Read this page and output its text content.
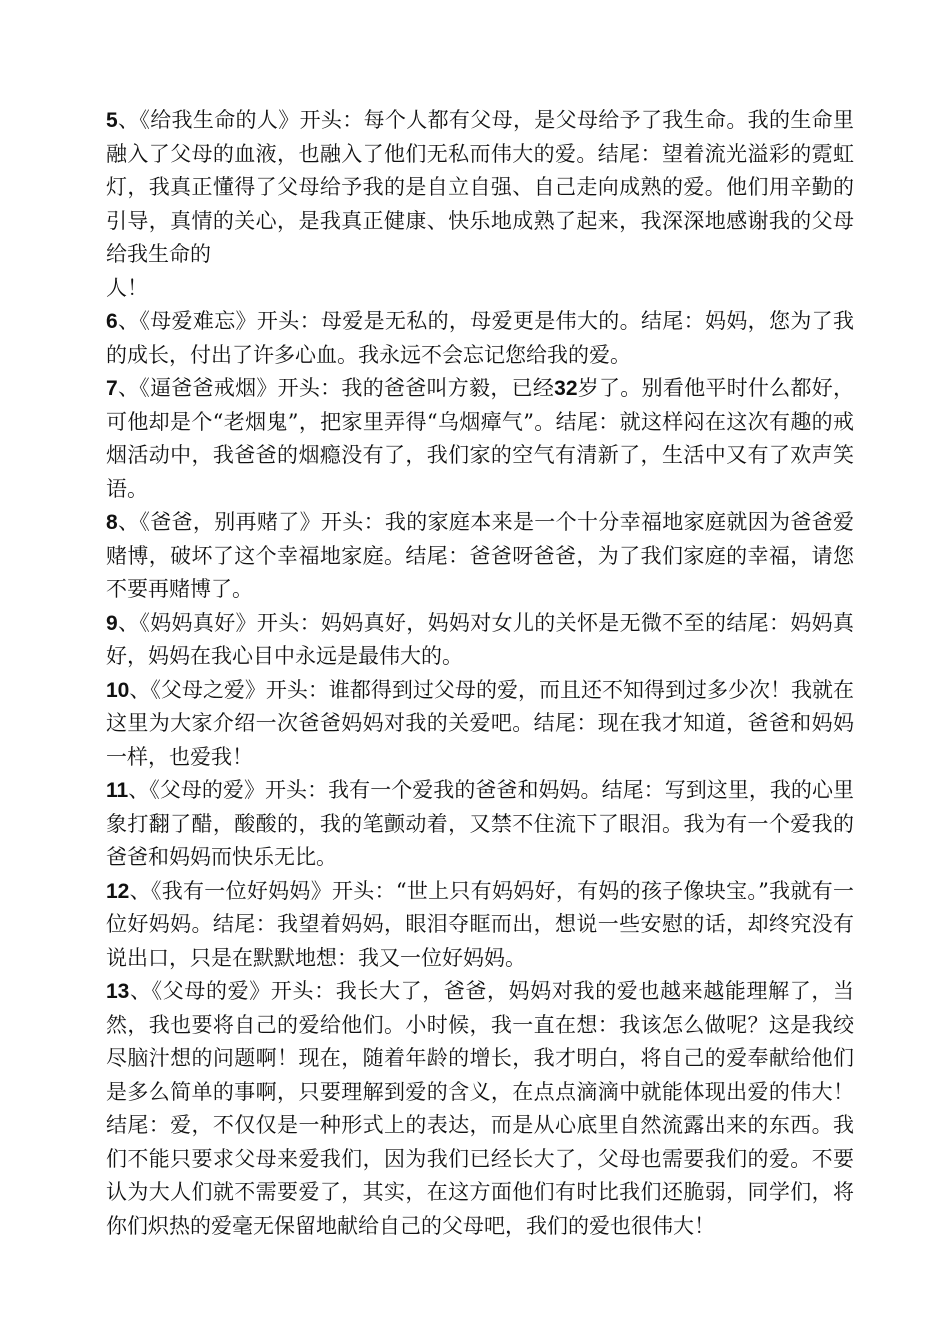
5、《给我生命的人》开头：每个人都有父母，是父母给予了我生命。我的生命里融入了父母的血液，也融入了他们无私而伟大的爱。结尾：望着流光溢彩的霓虹灯，我真正懂得了父母给予我的是自立自强、自己走向成熟的爱。他们用辛勤的引导，真情的关心，是我真正健康、快乐地成熟了起来，我深深地感谢我的父母给我生命的
人！

6、《母爱难忘》开头：母爱是无私的，母爱更是伟大的。结尾：妈妈，您为了我的成长，付出了许多心血。我永远不会忘记您给我的爱。

7、《逼爸爸戒烟》开头：我的爸爸叫方毅，已经32岁了。别看他平时什么都好，可他却是个“老烟鬼”，把家里弄得“乌烟瘴气”。结尾：就这样闷在这次有趣的戒烟活动中，我爸爸的烟瘾没有了，我们家的空气有清新了，生活中又有了欢声笑语。

8、《爸爸，别再赌了》开头：我的家庭本来是一个十分幸福地家庭就因为爸爸爱赌博，破坏了这个幸福地家庭。结尾：爸爸呀爸爸，为了我们家庭的幸福，请您不要再赌博了。

9、《妈妈真好》开头：妈妈真好，妈妈对女儿的关怀是无微不至的结尾：妈妈真好，妈妈在我心目中永远是最伟大的。

10、《父母之爱》开头：谁都得到过父母的爱，而且还不知得到过多少次！我就在这里为大家介绍一次爸爸妈妈对我的关爱吧。结尾：现在我才知道，爸爸和妈妈一样，也爱我！

11、《父母的爱》开头：我有一个爱我的爸爸和妈妈。结尾：写到这里，我的心里象打翻了醋，酸酸的，我的笔颤动着，又禁不住流下了眼泪。我为有一个爱我的爸爸和妈妈而快乐无比。

12、《我有一位好妈妈》开头：“世上只有妈妈好，有妈的孩子像块宝。”我就有一位好妈妈。结尾：我望着妈妈，眼泪夺眶而出，想说一些安慰的话，却终究没有说出口，只是在默默地想：我又一位好妈妈。

13、《父母的爱》开头：我长大了，爸爸，妈妈对我的爱也越来越能理解了，当然，我也要将自己的爱给他们。小时候，我一直在想：我该怎么做呢？这是我绞尽脑汁想的问题啊！现在，随着年龄的增长，我才明白，将自己的爱奉献给他们是多么简单的事啊，只要理解到爱的含义，在点点滴滴中就能体现出爱的伟大！结尾：爱，不仅仅是一种形式上的表达，而是从心底里自然流露出来的东西。我们不能只要求父母来爱我们，因为我们已经长大了，父母也需要我们的爱。不要认为大人们就不需要爱了，其实，在这方面他们有时比我们还脆弱，同学们，将你们炽热的爱毫无保留地献给自己的父母吧，我们的爱也很伟大！
